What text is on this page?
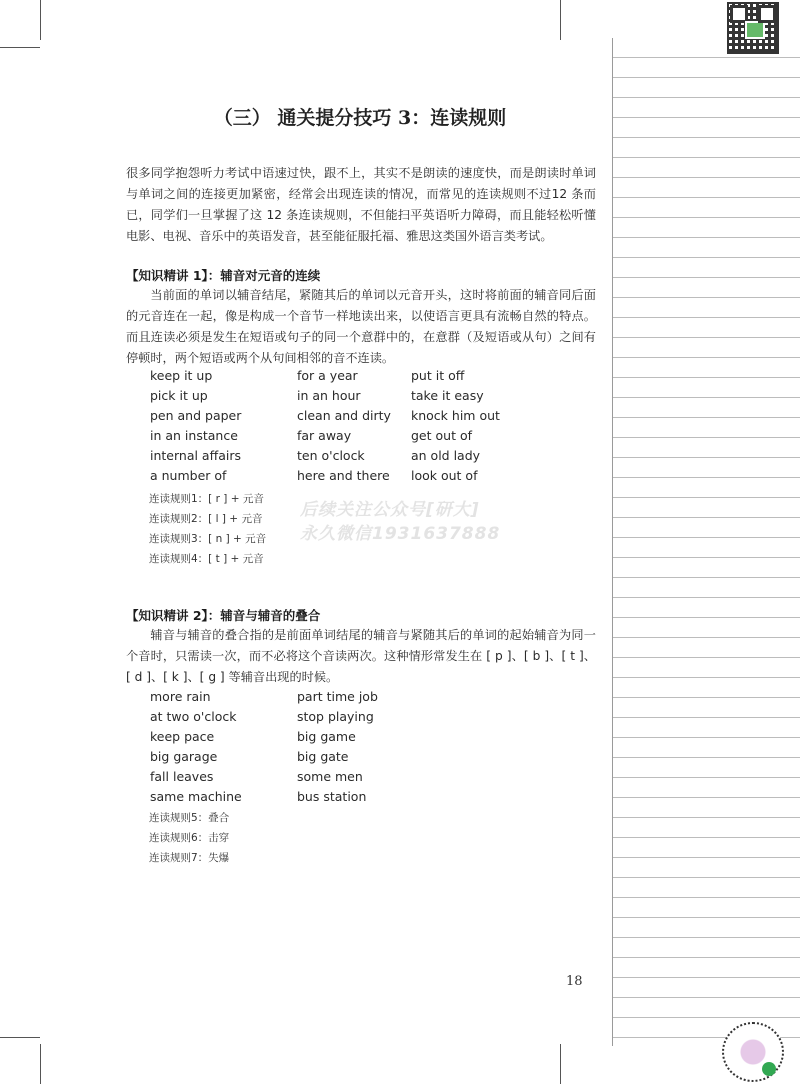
（三） 通关提分技巧 3：连读规则

很多同学抱怨听力考试中语速过快，跟不上，其实不是朗读的速度快，而是朗读时单词与单词之间的连接更加紧密，经常会出现连读的情况，而常见的连读规则不过12 条而已，同学们一旦掌握了这 12 条连读规则，不但能扫平英语听力障碍，而且能轻松听懂电影、电视、音乐中的英语发音，甚至能征服托福、雅思这类国外语言类考试。

【知识精讲 1】：辅音对元音的连续

当前面的单词以辅音结尾，紧随其后的单词以元音开头，这时将前面的辅音同后面的元音连在一起，像是构成一个音节一样地读出来，以使语言更具有流畅自然的特点。而且连读必须是发生在短语或句子的同一个意群中的，在意群（及短语或从句）之间有停顿时，两个短语或两个从句间相邻的音不连读。

keep it up
pick it up
pen and paper
in an instance
internal affairs
a number of
for a year
in an hour
clean and dirty
far away
ten o'clock
here and there
put it off
take it easy
knock him out
get out of
an old lady
look out of
连读规则1：[ r ] + 元音
连读规则2：[ l ] + 元音
连读规则3：[ n ] + 元音
连读规则4：[ t ] + 元音
后续关注公众号[研大]
永久微信1931637888
【知识精讲 2】：辅音与辅音的叠合

辅音与辅音的叠合指的是前面单词结尾的辅音与紧随其后的单词的起始辅音为同一个音时，只需读一次，而不必将这个音读两次。这种情形常发生在 [ p ]、[ b ]、[ t ]、[ d ]、[ k ]、[ g ] 等辅音出现的时候。

more rain
at two o'clock
keep pace
big garage
fall leaves
same machine
part time job
stop playing
big game
big gate
some men
bus station
连读规则5：叠合
连读规则6：击穿
连读规则7：失爆
18
